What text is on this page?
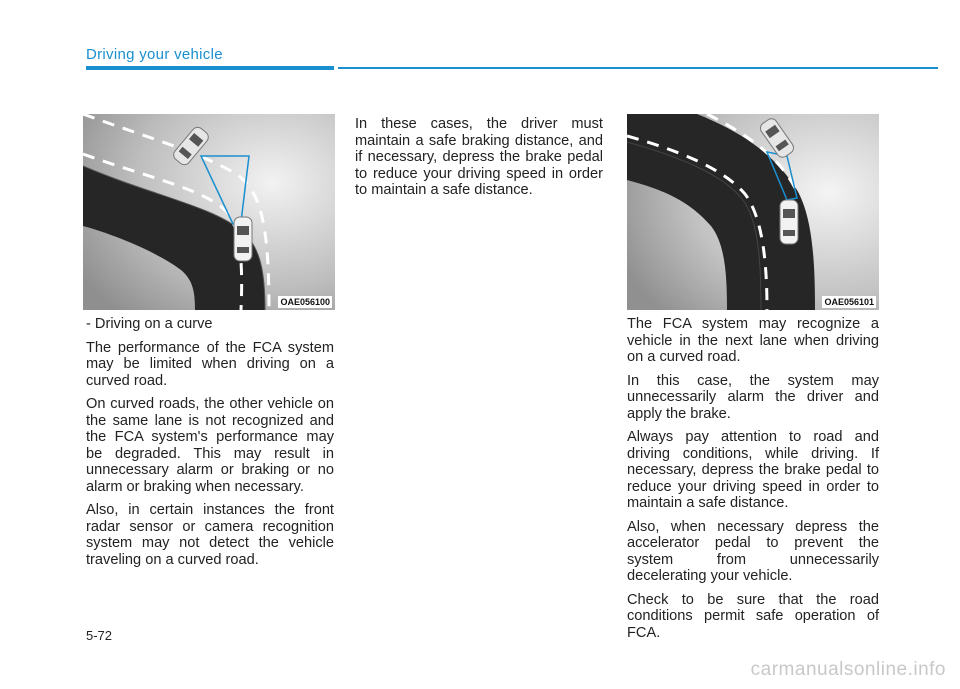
Driving your vehicle
OAE056100	OAE056101

- Driving on a curve

The performance of the FCA system may be limited when driving on a curved road.

On curved roads, the other vehicle on the same lane is not recognized and the FCA system's performance may be degraded. This may result in unnecessary alarm or braking or no alarm or braking when necessary.

Also, in certain instances the front radar sensor or camera recognition system may not detect the vehicle traveling on a curved road.

In these cases, the driver must maintain a safe braking distance, and if necessary, depress the brake pedal to reduce your driving speed in order to maintain a safe distance.

The FCA system may recognize a vehicle in the next lane when driving on a curved road.

In this case, the system may unnecessarily alarm the driver and apply the brake.

Always pay attention to road and driving conditions, while driving. If necessary, depress the brake pedal to reduce your driving speed in order to maintain a safe distance.

Also, when necessary depress the accelerator pedal to prevent the system from unnecessarily decelerating your vehicle.

Check to be sure that the road conditions permit safe operation of FCA.

5-72
carmanualsonline.info
